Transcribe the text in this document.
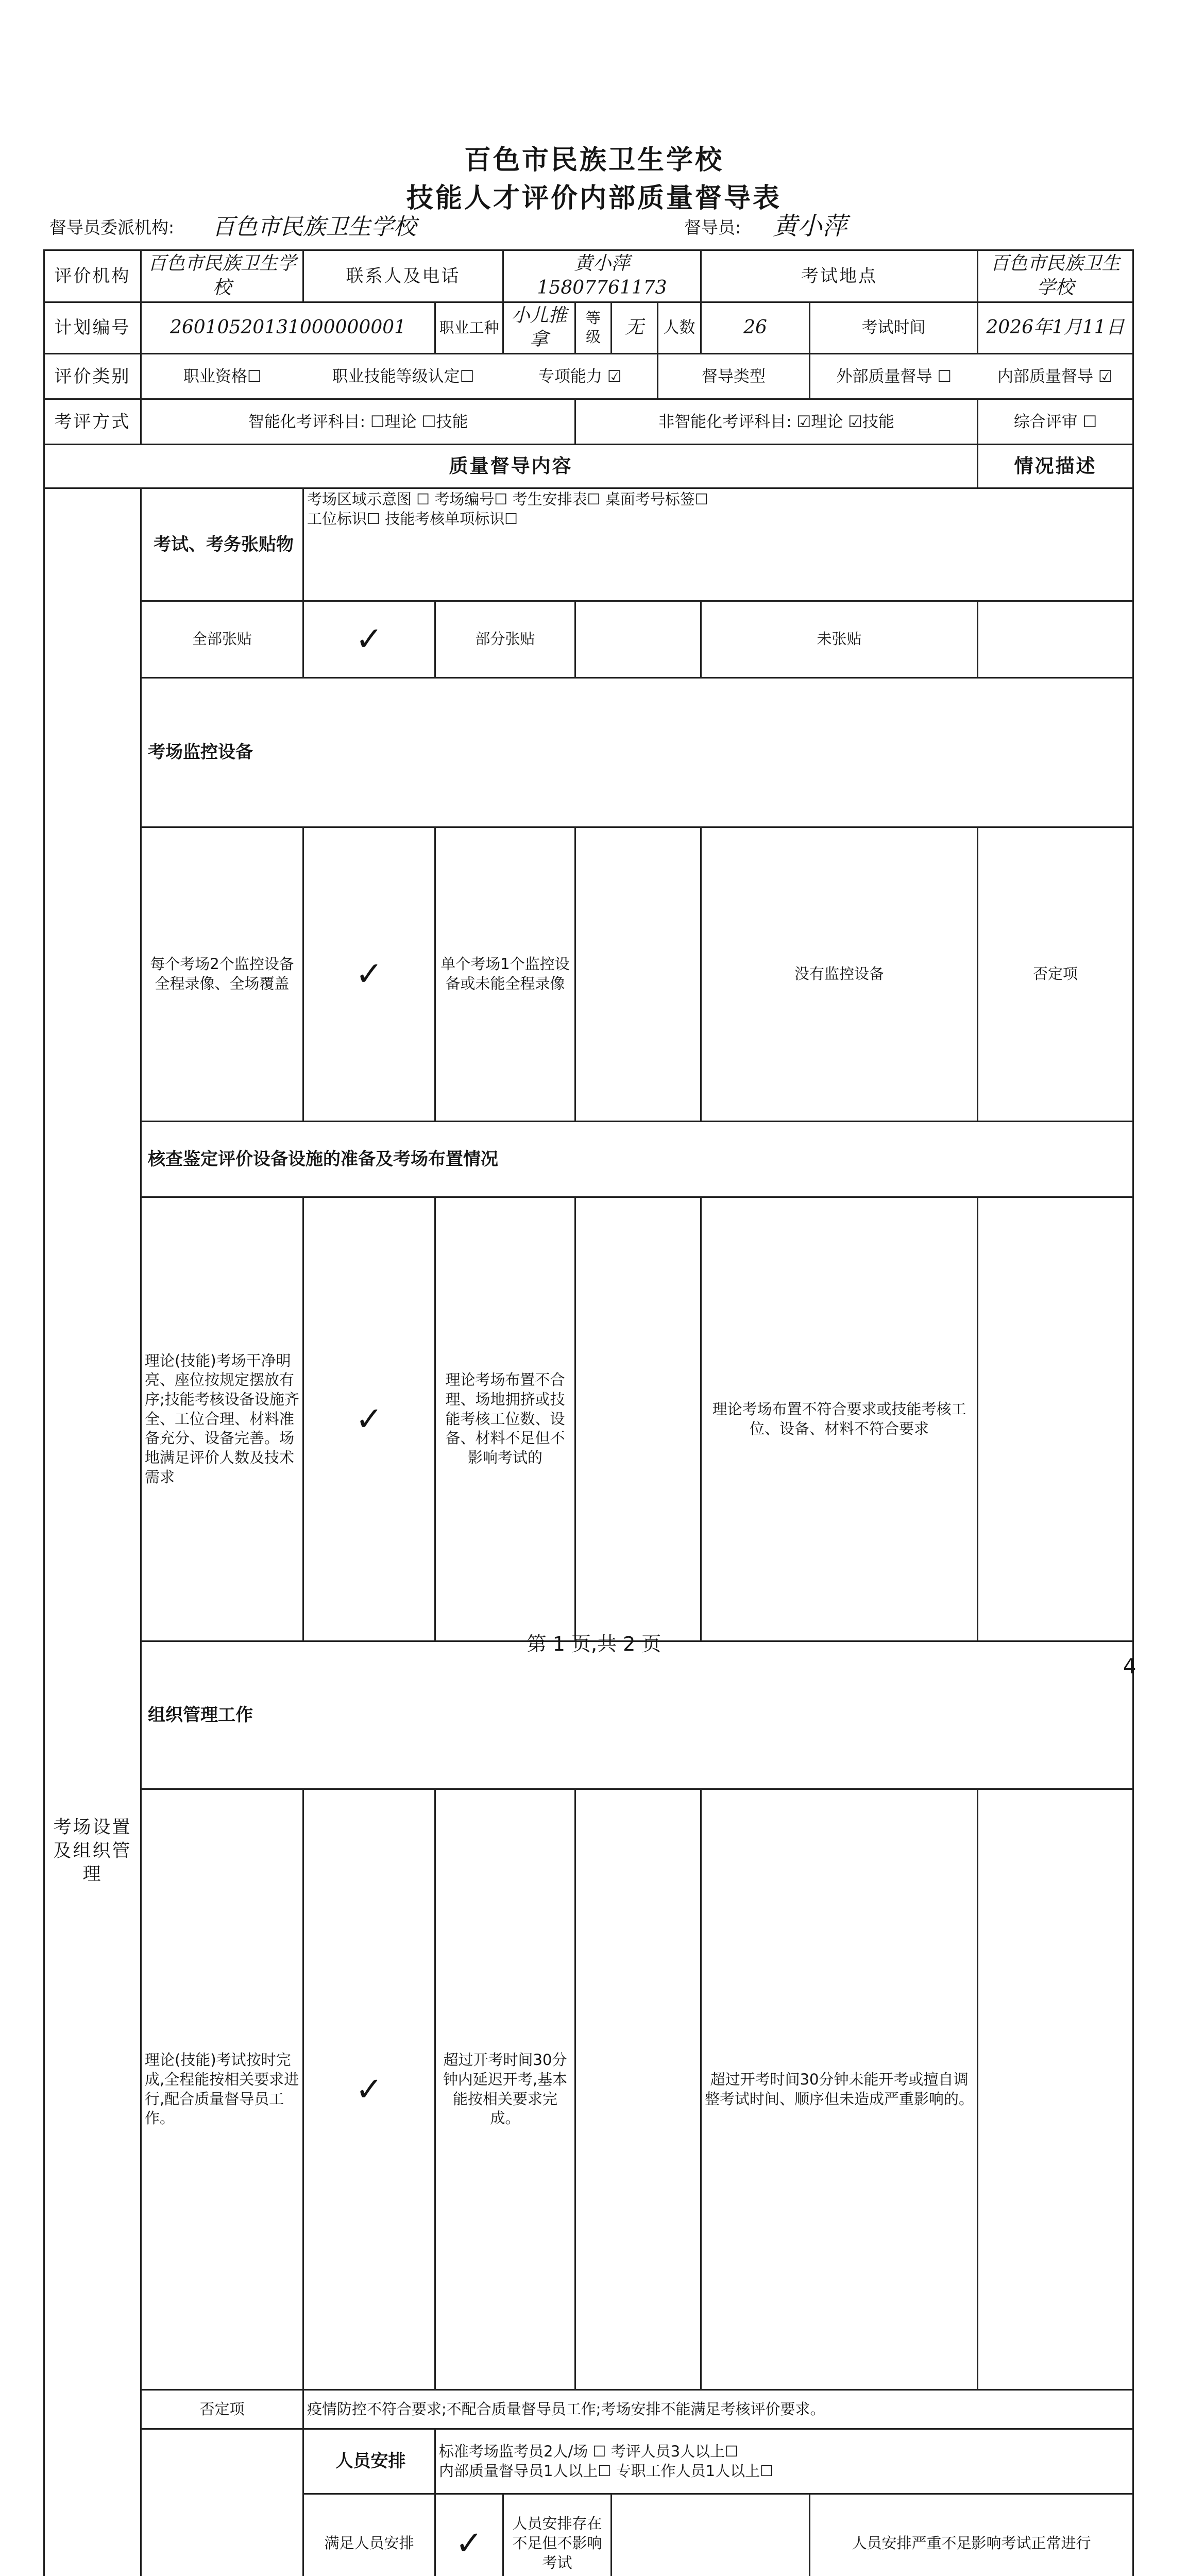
百色市民族卫生学校
技能人才评价内部质量督导表
督导员委派机构: 百色市民族卫生学校	督导员: 黄小萍
评价机构	百色市民族卫生学校	联系人及电话		黄小萍 15807761173				考试地点		百色市民族卫生学校	
计划编号	26010520131000000001		职业工种	小儿推拿	等级	无	人数	26	考试时间	2026年1月11日	
评价类别	职业资格☐	职业技能等级认定☐		专项能力 ☑			督导类型		外部质量督导 ☐	内部质量督导 ☑	
考评方式	智能化考评科目: ☐理论 ☐技能				非智能化考评科目: ☑理论 ☑技能					综合评审 ☐	
质量督导内容										情况描述	
考场设置及组织管理	考试、考务张贴物	考场区域示意图 ☐ 考场编号☐ 考生安排表☐ 桌面考号标签☐
工位标识☐ 技能考核单项标识☐

	全部张贴	✓	部分张贴					未张贴			
	考场监控设备	
	每个考场2个监控设备全程录像、全场覆盖	✓	单个考场1个监控设备或未能全程录像					没有监控设备		否定项	
	核查鉴定评价设备设施的准备及考场布置情况	
	理论(技能)考场干净明亮、座位按规定摆放有序;技能考核设备设施齐全、工位合理、材料准备充分、设备完善。场地满足评价人数及技术需求	✓	理论考场布置不合理、场地拥挤或技能考核工位数、设备、材料不足但不影响考试的					理论考场布置不符合要求或技能考核工位、设备、材料不符合要求			
	组织管理工作	
	理论(技能)考试按时完成,全程能按相关要求进行,配合质量督导员工作。	✓	超过开考时间30分钟内延迟开考,基本能按相关要求完成。					超过开考时间30分钟未能开考或擅自调整考试时间、顺序但未造成严重影响的。			
	否定项	疫情防控不符合要求;不配合质量督导员工作;考场安排不能满足考核评价要求。									
	人员安排	标准考场监考员2人/场 ☐ 考评人员3人以上☐
内部质量督导员1人以上☐ 专职工作人员1人以上☐

		满足人员安排	✓	人员安排存在不足但不影响考试					人员安排严重不足影响考试正常进行		

第 1 页,共 2 页
4
